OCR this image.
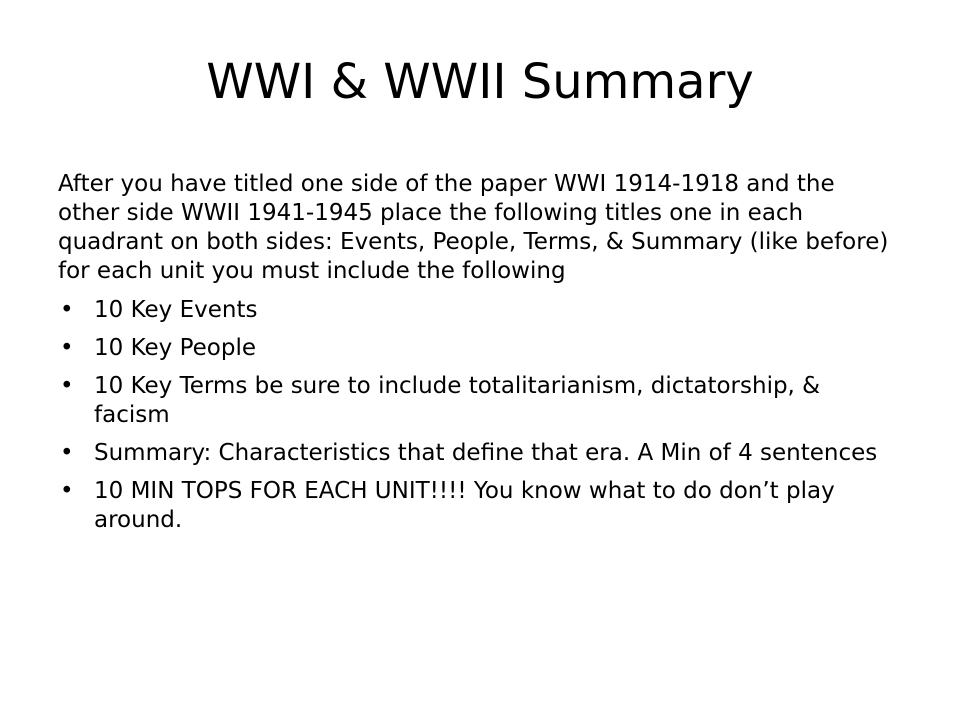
WWI & WWII Summary

After you have titled one side of the paper WWI 1914-1918 and the other side WWII 1941-1945 place the following titles one in each quadrant on both sides: Events, People, Terms, & Summary (like before) for each unit you must include the following

• 10 Key Events
• 10 Key People
• 10 Key Terms be sure to include totalitarianism, dictatorship, & facism
• Summary: Characteristics that define that era. A Min of 4 sentences
• 10 MIN TOPS FOR EACH UNIT!!!! You know what to do don’t play around.
